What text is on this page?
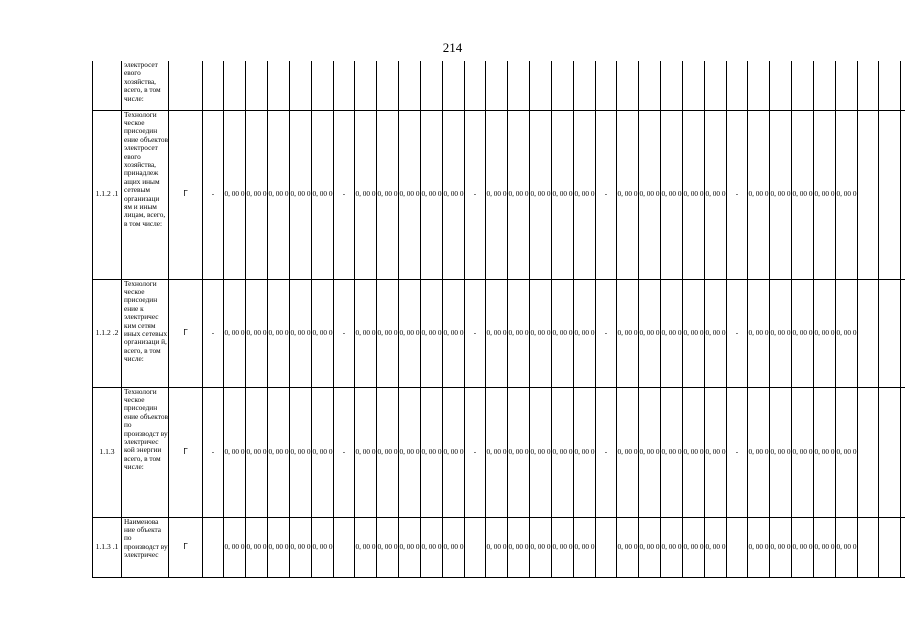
214
	электросет евого хозяйства, всего, в том числе:																																					
1.1.2 .1	Технологи ческое присоедин ение объектов электросет евого хозяйства, принадлеж ащих иным сетевым организаци ям и иным лицам, всего, в том числе:	Г	-	0, 00 0	0, 00 0	0, 00 0	0, 00 0	0, 00 0	-	0, 00 0	0, 00 0	0, 00 0	0, 00 0	0, 00 0	-	0, 00 0	0, 00 0	0, 00 0	0, 00 0	0, 00 0	-	0, 00 0	0, 00 0	0, 00 0	0, 00 0	0, 00 0	-	0, 00 0	0, 00 0	0, 00 0	0, 00 0	0, 00 0						
1.1.2 .2	Технологи ческое присоедин ение к электричес ким сетям иных сетевых организаци й, всего, в том числе:	Г	-	0, 00 0	0, 00 0	0, 00 0	0, 00 0	0, 00 0	-	0, 00 0	0, 00 0	0, 00 0	0, 00 0	0, 00 0	-	0, 00 0	0, 00 0	0, 00 0	0, 00 0	0, 00 0	-	0, 00 0	0, 00 0	0, 00 0	0, 00 0	0, 00 0	-	0, 00 0	0, 00 0	0, 00 0	0, 00 0	0, 00 0						
1.1.3	Технологи ческое присоедин ение объектов по производст ву электричес кой энергии всего, в том числе:	Г	-	0, 00 0	0, 00 0	0, 00 0	0, 00 0	0, 00 0	-	0, 00 0	0, 00 0	0, 00 0	0, 00 0	0, 00 0	-	0, 00 0	0, 00 0	0, 00 0	0, 00 0	0, 00 0	-	0, 00 0	0, 00 0	0, 00 0	0, 00 0	0, 00 0	-	0, 00 0	0, 00 0	0, 00 0	0, 00 0	0, 00 0						
1.1.3 .1	Наименова ние объекта по производст ву электричес	Г		0, 00 0	0, 00 0	0, 00 0	0, 00 0	0, 00 0		0, 00 0	0, 00 0	0, 00 0	0, 00 0	0, 00 0		0, 00 0	0, 00 0	0, 00 0	0, 00 0	0, 00 0		0, 00 0	0, 00 0	0, 00 0	0, 00 0	0, 00 0		0, 00 0	0, 00 0	0, 00 0	0, 00 0	0, 00 0						
